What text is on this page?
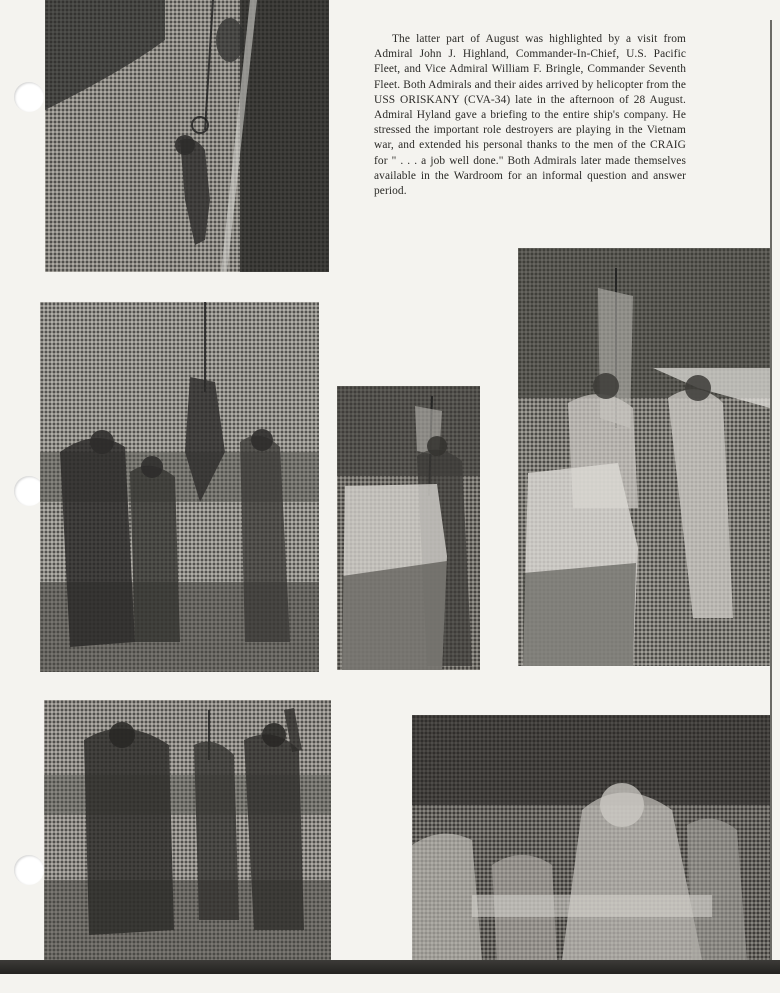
The latter part of August was highlighted by a visit from Admiral John J. Highland, Commander-In-Chief, U.S. Pacific Fleet, and Vice Admiral William F. Bringle, Commander Seventh Fleet. Both Admirals and their aides arrived by helicopter from the USS ORISKANY (CVA-34) late in the afternoon of 28 August. Admiral Hyland gave a briefing to the entire ship's company. He stressed the important role destroyers are playing in the Vietnam war, and extended his personal thanks to the men of the CRAIG for " . . . a job well done." Both Admirals later made themselves available in the Wardroom for an informal question and answer period.
